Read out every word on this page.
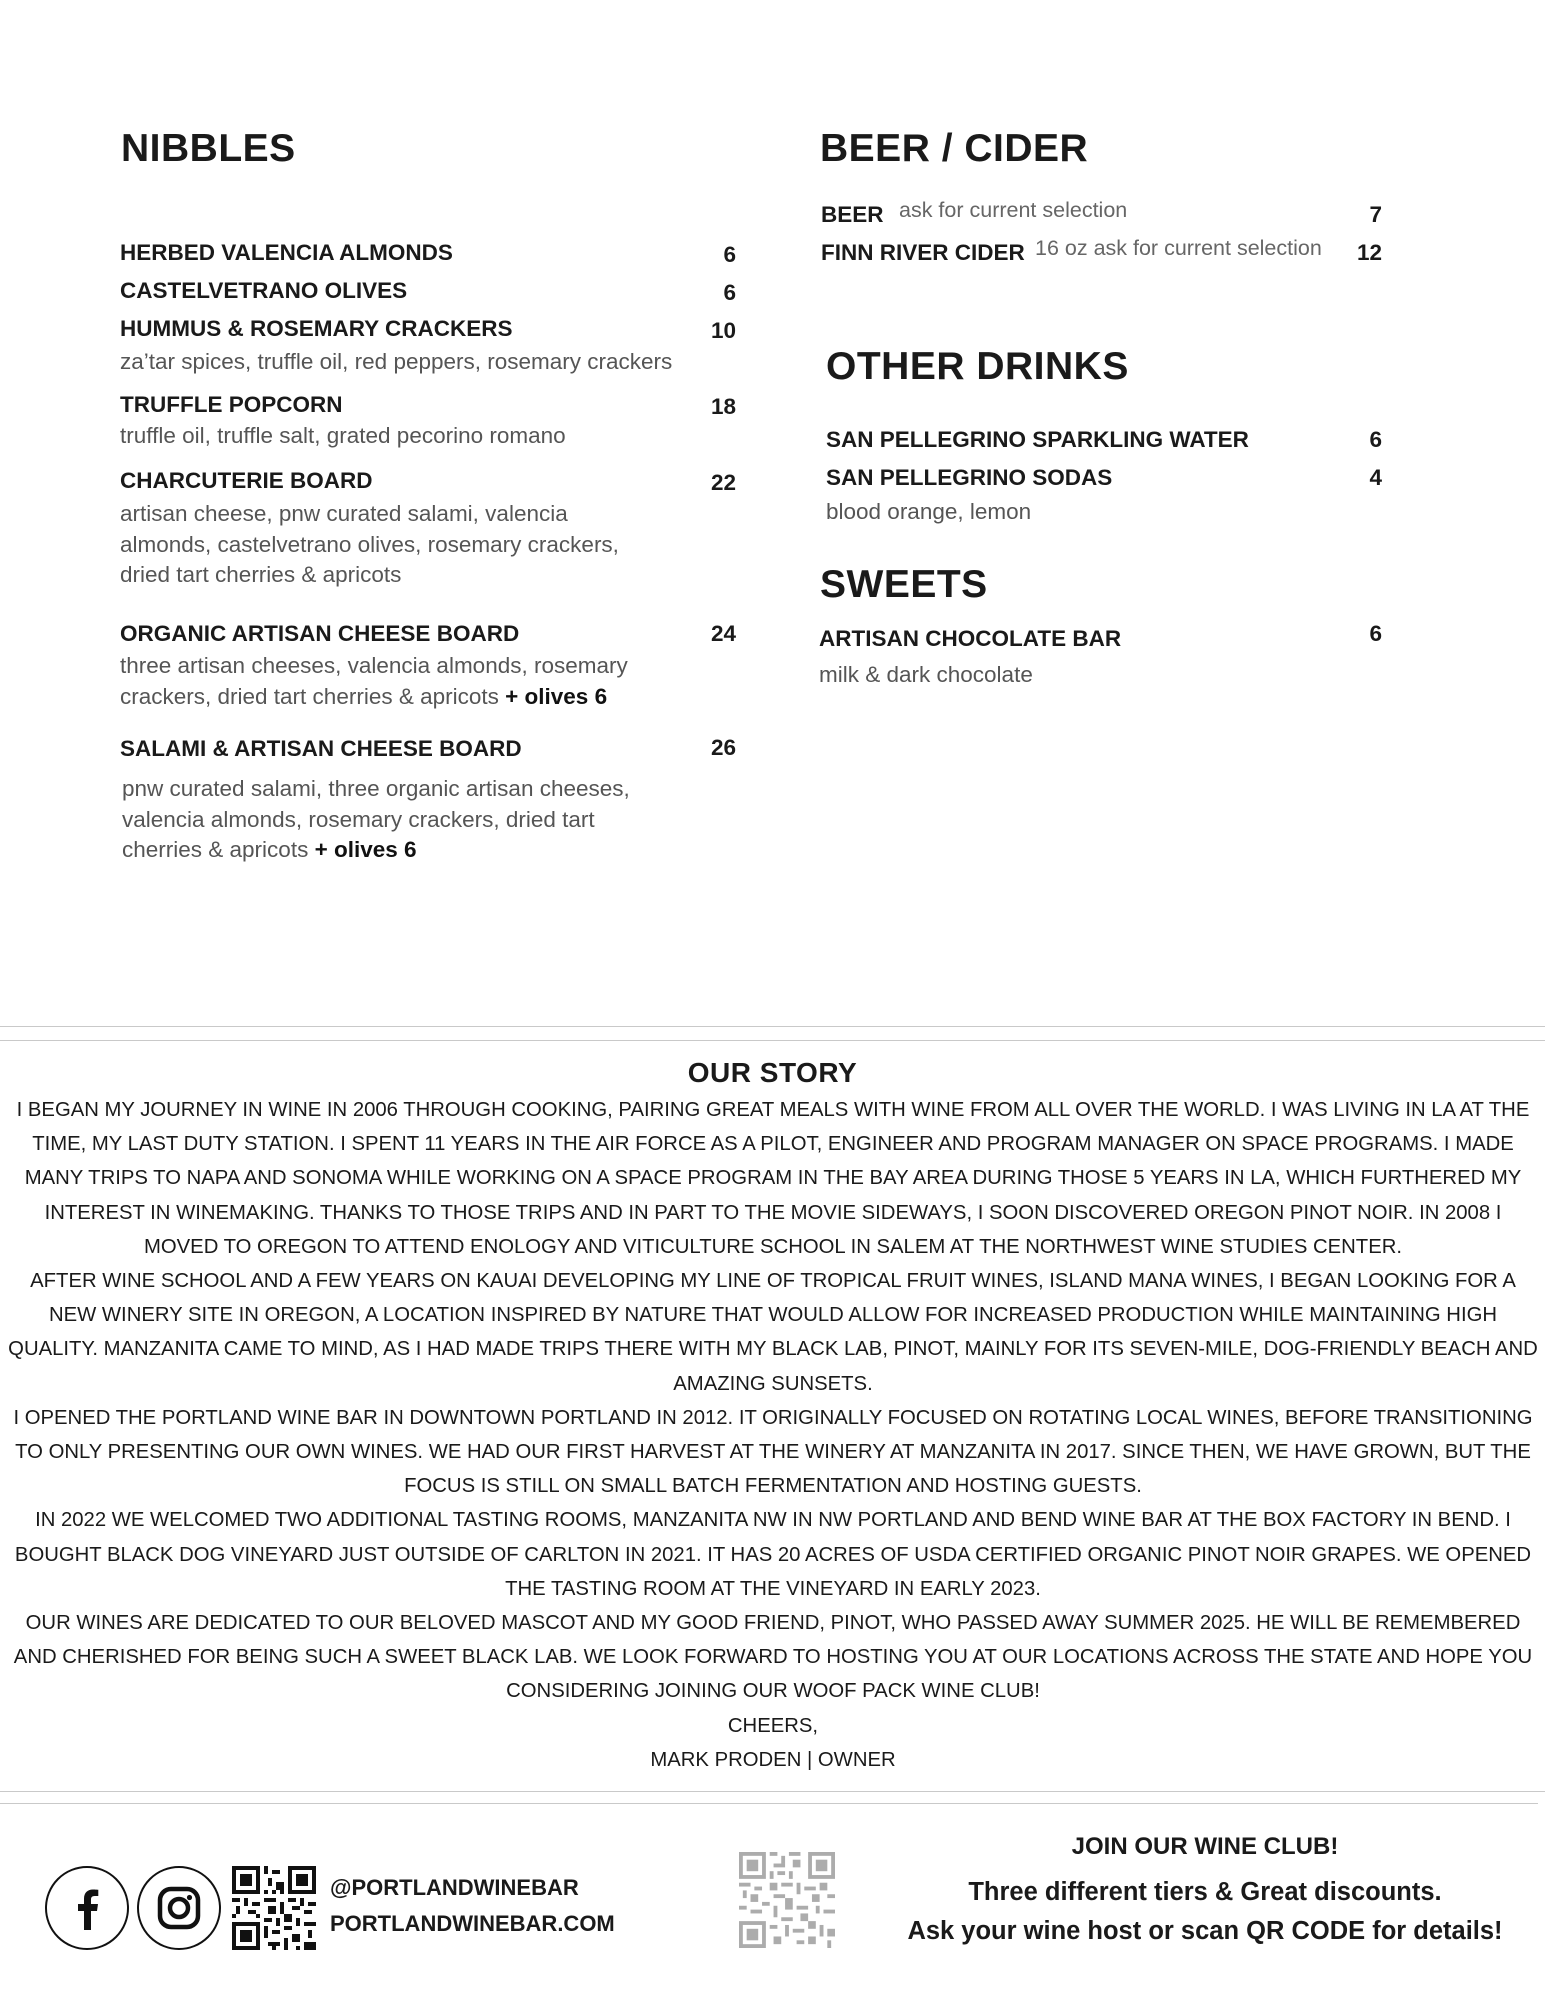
NIBBLES
HERBED VALENCIA ALMONDS	6
CASTELVETRANO OLIVES	6
HUMMUS & ROSEMARY CRACKERS	10
za’tar spices, truffle oil, red peppers, rosemary crackers
TRUFFLE POPCORN	18
truffle oil, truffle salt, grated pecorino romano
CHARCUTERIE BOARD	22
artisan cheese, pnw curated salami, valencia
almonds, castelvetrano olives, rosemary crackers,
dried tart cherries & apricots
ORGANIC ARTISAN CHEESE BOARD	24
three artisan cheeses, valencia almonds, rosemary
crackers, dried tart cherries & apricots + olives 6
SALAMI & ARTISAN CHEESE BOARD	26
pnw curated salami, three organic artisan cheeses,
valencia almonds, rosemary crackers, dried tart
cherries & apricots + olives 6
BEER / CIDER
BEER ask for current selection	7
FINN RIVER CIDER 16 oz ask for current selection	12
OTHER DRINKS
SAN PELLEGRINO SPARKLING WATER	6
SAN PELLEGRINO SODAS	4
blood orange, lemon
SWEETS
ARTISAN CHOCOLATE BAR	6
milk & dark chocolate
OUR STORY

I BEGAN MY JOURNEY IN WINE IN 2006 THROUGH COOKING, PAIRING GREAT MEALS WITH WINE FROM ALL OVER THE WORLD. I WAS LIVING IN LA AT THE TIME, MY LAST DUTY STATION. I SPENT 11 YEARS IN THE AIR FORCE AS A PILOT, ENGINEER AND PROGRAM MANAGER ON SPACE PROGRAMS. I MADE MANY TRIPS TO NAPA AND SONOMA WHILE WORKING ON A SPACE PROGRAM IN THE BAY AREA DURING THOSE 5 YEARS IN LA, WHICH FURTHERED MY INTEREST IN WINEMAKING. THANKS TO THOSE TRIPS AND IN PART TO THE MOVIE SIDEWAYS, I SOON DISCOVERED OREGON PINOT NOIR. IN 2008 I MOVED TO OREGON TO ATTEND ENOLOGY AND VITICULTURE SCHOOL IN SALEM AT THE NORTHWEST WINE STUDIES CENTER.

AFTER WINE SCHOOL AND A FEW YEARS ON KAUAI DEVELOPING MY LINE OF TROPICAL FRUIT WINES, ISLAND MANA WINES, I BEGAN LOOKING FOR A NEW WINERY SITE IN OREGON, A LOCATION INSPIRED BY NATURE THAT WOULD ALLOW FOR INCREASED PRODUCTION WHILE MAINTAINING HIGH QUALITY. MANZANITA CAME TO MIND, AS I HAD MADE TRIPS THERE WITH MY BLACK LAB, PINOT, MAINLY FOR ITS SEVEN-MILE, DOG-FRIENDLY BEACH AND AMAZING SUNSETS.

I OPENED THE PORTLAND WINE BAR IN DOWNTOWN PORTLAND IN 2012. IT ORIGINALLY FOCUSED ON ROTATING LOCAL WINES, BEFORE TRANSITIONING TO ONLY PRESENTING OUR OWN WINES. WE HAD OUR FIRST HARVEST AT THE WINERY AT MANZANITA IN 2017. SINCE THEN, WE HAVE GROWN, BUT THE FOCUS IS STILL ON SMALL BATCH FERMENTATION AND HOSTING GUESTS.

IN 2022 WE WELCOMED TWO ADDITIONAL TASTING ROOMS, MANZANITA NW IN NW PORTLAND AND BEND WINE BAR AT THE BOX FACTORY IN BEND. I BOUGHT BLACK DOG VINEYARD JUST OUTSIDE OF CARLTON IN 2021. IT HAS 20 ACRES OF USDA CERTIFIED ORGANIC PINOT NOIR GRAPES. WE OPENED THE TASTING ROOM AT THE VINEYARD IN EARLY 2023.

OUR WINES ARE DEDICATED TO OUR BELOVED MASCOT AND MY GOOD FRIEND, PINOT, WHO PASSED AWAY SUMMER 2025. HE WILL BE REMEMBERED AND CHERISHED FOR BEING SUCH A SWEET BLACK LAB. WE LOOK FORWARD TO HOSTING YOU AT OUR LOCATIONS ACROSS THE STATE AND HOPE YOU CONSIDERING JOINING OUR WOOF PACK WINE CLUB!

CHEERS,

MARK PRODEN | OWNER

@PORTLANDWINEBAR
PORTLANDWINEBAR.COM
JOIN OUR WINE CLUB!
Three different tiers & Great discounts.
Ask your wine host or scan QR CODE for details!
